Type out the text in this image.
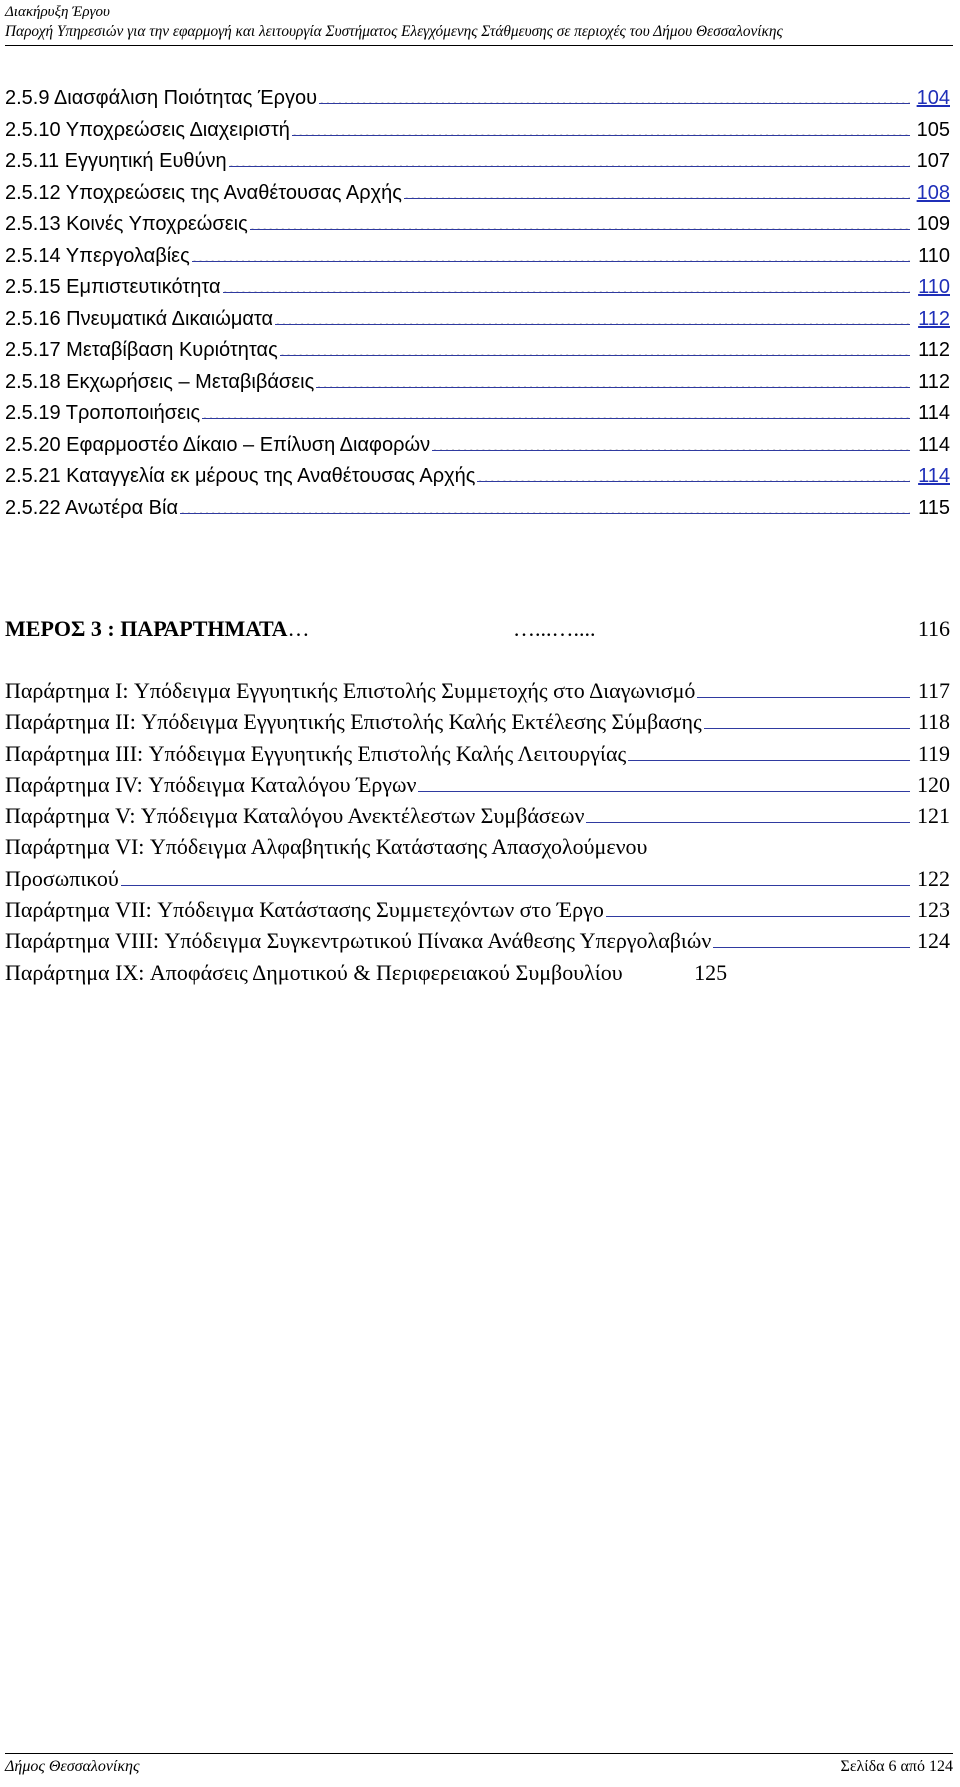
Διακήρυξη Έργου
Παροχή Υπηρεσιών για την εφαρμογή και λειτουργία Συστήματος Ελεγχόμενης Στάθμευσης σε περιοχές του Δήμου Θεσσαλονίκης
2.5.9 Διασφάλιση Ποιότητας Έργου .....	104
2.5.10 Υποχρεώσεις Διαχειριστή .....	105
2.5.11 Εγγυητική Ευθύνη .....	107
2.5.12 Υποχρεώσεις της Αναθέτουσας Αρχής .....	108
2.5.13 Κοινές Υποχρεώσεις .....	109
2.5.14 Υπεργολαβίες .....	110
2.5.15 Εμπιστευτικότητα .....	110
2.5.16 Πνευματικά Δικαιώματα .....	112
2.5.17 Μεταβίβαση Κυριότητας .....	112
2.5.18 Εκχωρήσεις – Μεταβιβάσεις .....	112
2.5.19 Τροποποιήσεις .....	114
2.5.20 Εφαρμοστέο Δίκαιο – Επίλυση Διαφορών .....	114
2.5.21 Καταγγελία εκ μέρους της Αναθέτουσας Αρχής .....	114
2.5.22 Ανωτέρα Βία .....	115
ΜΕΡΟΣ 3 : ΠΑΡΑΡΤΗΜΑΤΑ …                                     …...…....	116
Παράρτημα I: Υπόδειγμα Εγγυητικής Επιστολής Συμμετοχής στο Διαγωνισμό .....	117
Παράρτημα II: Υπόδειγμα Εγγυητικής Επιστολής Καλής Εκτέλεσης Σύμβασης .....	118
Παράρτημα III: Υπόδειγμα Εγγυητικής Επιστολής Καλής Λειτουργίας .....	119
Παράρτημα IV: Υπόδειγμα Καταλόγου Έργων .....	120
Παράρτημα V: Υπόδειγμα Καταλόγου Ανεκτέλεστων Συμβάσεων .....	121
Παράρτημα VI: Υπόδειγμα Αλφαβητικής Κατάστασης Απασχολούμενου
Προσωπικού .....	122
Παράρτημα VII: Υπόδειγμα Κατάστασης Συμμετεχόντων στο Έργο .....	123
Παράρτημα VIII: Υπόδειγμα Συγκεντρωτικού Πίνακα Ανάθεσης Υπεργολαβιών .....	124
Παράρτημα IX: Αποφάσεις Δημοτικού & Περιφερειακού Συμβουλίου ………	125
Δήμος Θεσσαλονίκης	Σελίδα 6 από 124
